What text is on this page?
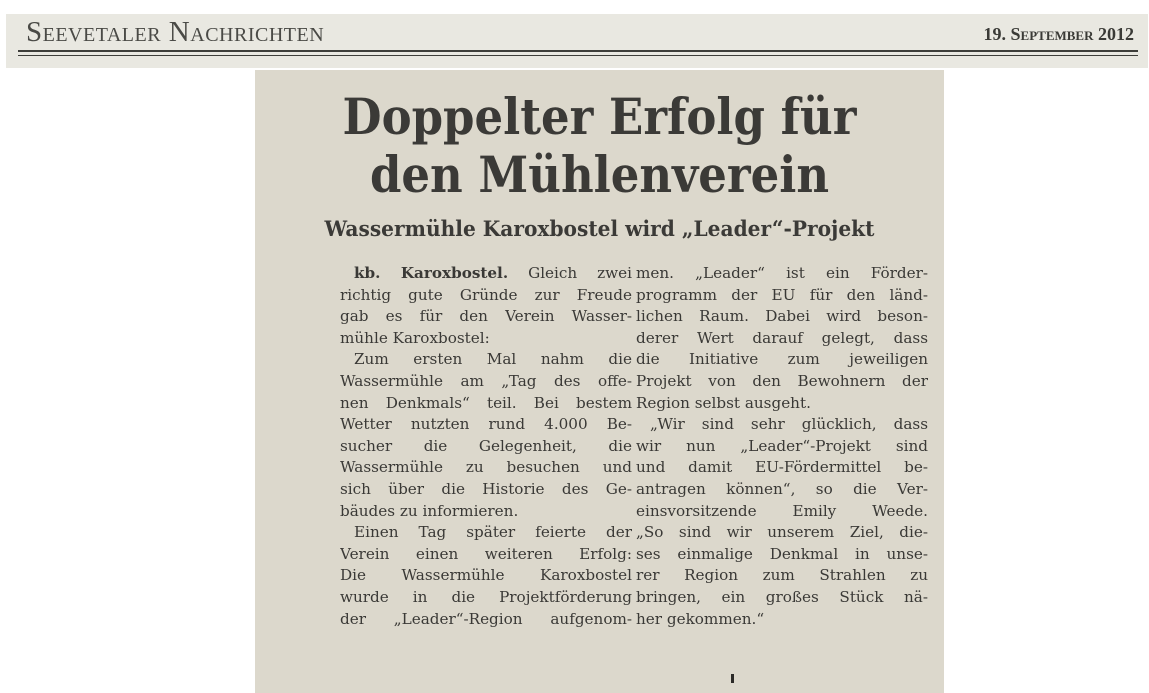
Seevetaler Nachrichten	19. September 2012
Doppelter Erfolg für
den Mühlenverein
Wassermühle Karoxbostel wird „Leader“-Projekt
kb. Karoxbostel. Gleich zwei
richtig gute Gründe zur Freude
gab es für den Verein Wasser-
mühle Karoxbostel:
Zum ersten Mal nahm die
Wassermühle am „Tag des offe-
nen Denkmals“ teil. Bei bestem
Wetter nutzten rund 4.000 Be-
sucher die Gelegenheit, die
Wassermühle zu besuchen und
sich über die Historie des Ge-
bäudes zu informieren.
Einen Tag später feierte der
Verein einen weiteren Erfolg:
Die Wassermühle Karoxbostel
wurde in die Projektförderung
der „Leader“-Region aufgenom-
men. „Leader“ ist ein Förder-
programm der EU für den länd-
lichen Raum. Dabei wird beson-
derer Wert darauf gelegt, dass
die Initiative zum jeweiligen
Projekt von den Bewohnern der
Region selbst ausgeht.
„Wir sind sehr glücklich, dass
wir nun „Leader“-Projekt sind
und damit EU-Fördermittel be-
antragen können“, so die Ver-
einsvorsitzende Emily Weede.
„So sind wir unserem Ziel, die-
ses einmalige Denkmal in unse-
rer Region zum Strahlen zu
bringen, ein großes Stück nä-
her gekommen.“
